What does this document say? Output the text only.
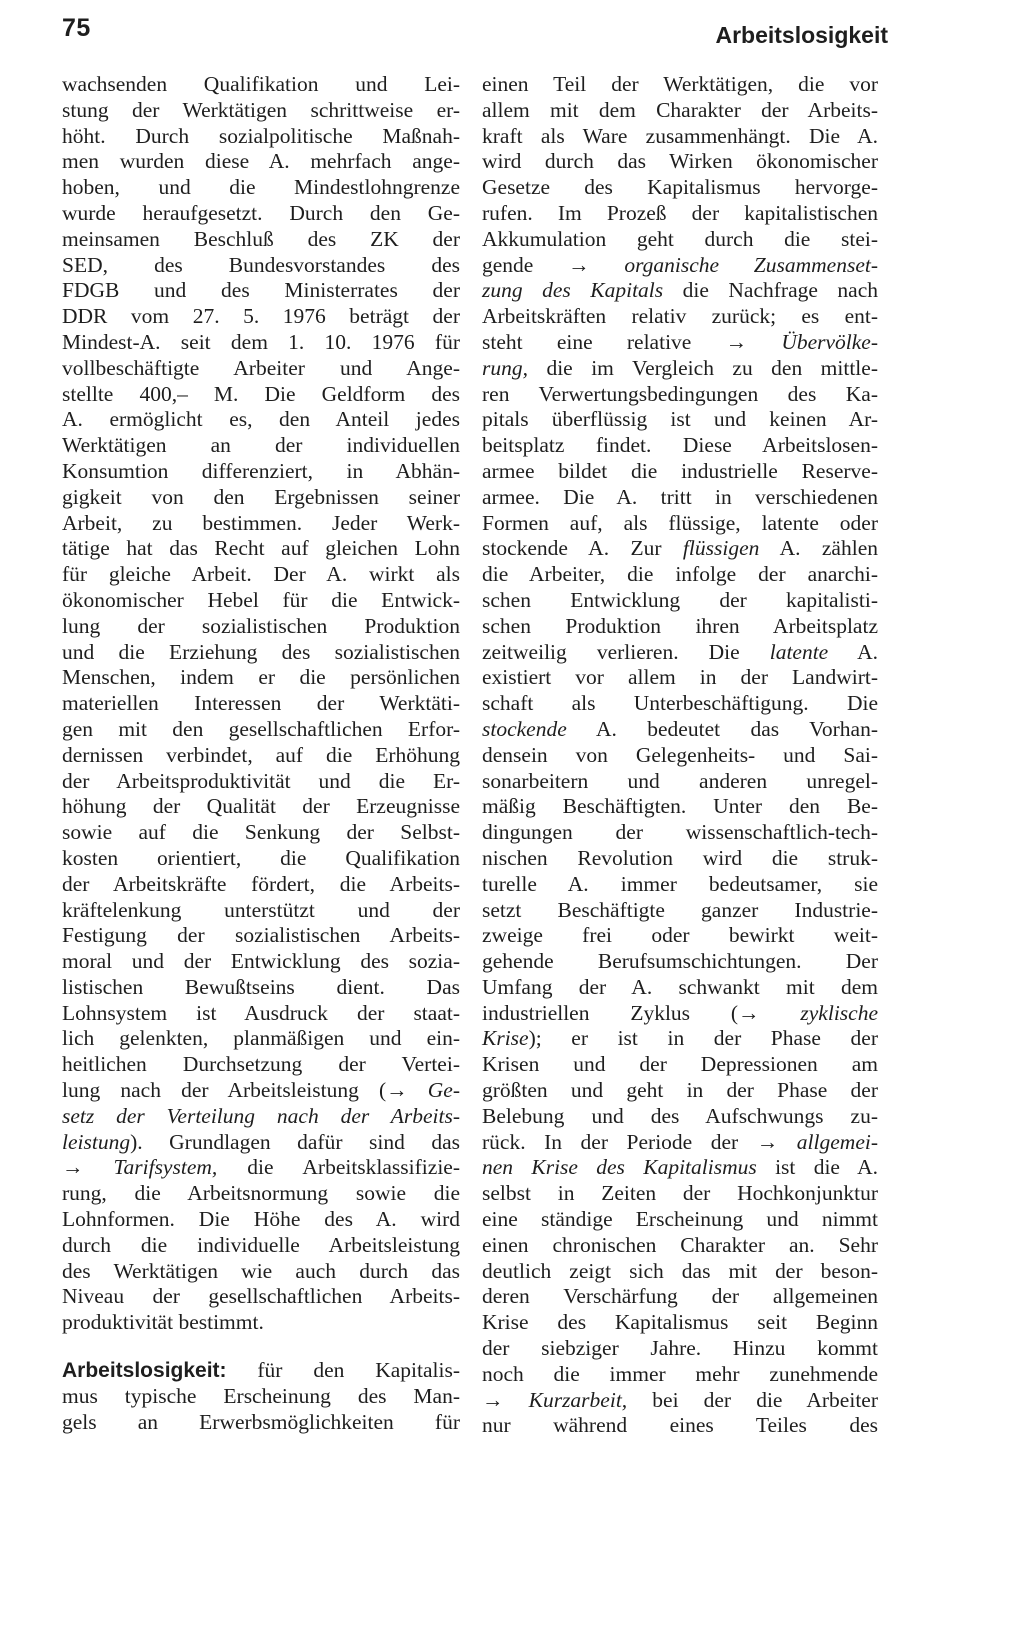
75	Arbeitslosigkeit
wachsenden Qualifikation und Lei-
stung der Werktätigen schrittweise er-
höht. Durch sozialpolitische Maßnah-
men wurden diese A. mehrfach ange-
hoben, und die Mindestlohngrenze
wurde heraufgesetzt. Durch den Ge-
meinsamen Beschluß des ZK der
SED, des Bundesvorstandes des
FDGB und des Ministerrates der
DDR vom 27. 5. 1976 beträgt der
Mindest-A. seit dem 1. 10. 1976 für
vollbeschäftigte Arbeiter und Ange-
stellte 400,– M. Die Geldform des
A. ermöglicht es, den Anteil jedes
Werktätigen an der individuellen
Konsumtion differenziert, in Abhän-
gigkeit von den Ergebnissen seiner
Arbeit, zu bestimmen. Jeder Werk-
tätige hat das Recht auf gleichen Lohn
für gleiche Arbeit. Der A. wirkt als
ökonomischer Hebel für die Entwick-
lung der sozialistischen Produktion
und die Erziehung des sozialistischen
Menschen, indem er die persönlichen
materiellen Interessen der Werktäti-
gen mit den gesellschaftlichen Erfor-
dernissen verbindet, auf die Erhöhung
der Arbeitsproduktivität und die Er-
höhung der Qualität der Erzeugnisse
sowie auf die Senkung der Selbst-
kosten orientiert, die Qualifikation
der Arbeitskräfte fördert, die Arbeits-
kräftelenkung unterstützt und der
Festigung der sozialistischen Arbeits-
moral und der Entwicklung des sozia-
listischen Bewußtseins dient. Das
Lohnsystem ist Ausdruck der staat-
lich gelenkten, planmäßigen und ein-
heitlichen Durchsetzung der Vertei-
lung nach der Arbeitsleistung (→ Ge-
setz der Verteilung nach der Arbeits-
leistung). Grundlagen dafür sind das
→ Tarifsystem, die Arbeitsklassifizie-
rung, die Arbeitsnormung sowie die
Lohnformen. Die Höhe des A. wird
durch die individuelle Arbeitsleistung
des Werktätigen wie auch durch das
Niveau der gesellschaftlichen Arbeits-
produktivität bestimmt.
Arbeitslosigkeit: für den Kapitalis-
mus typische Erscheinung des Man-
gels an Erwerbsmöglichkeiten für
einen Teil der Werktätigen, die vor
allem mit dem Charakter der Arbeits-
kraft als Ware zusammenhängt. Die A.
wird durch das Wirken ökonomischer
Gesetze des Kapitalismus hervorge-
rufen. Im Prozeß der kapitalistischen
Akkumulation geht durch die stei-
gende → organische Zusammenset-
zung des Kapitals die Nachfrage nach
Arbeitskräften relativ zurück; es ent-
steht eine relative → Übervölke-
rung, die im Vergleich zu den mittle-
ren Verwertungsbedingungen des Ka-
pitals überflüssig ist und keinen Ar-
beitsplatz findet. Diese Arbeitslosen-
armee bildet die industrielle Reserve-
armee. Die A. tritt in verschiedenen
Formen auf, als flüssige, latente oder
stockende A. Zur flüssigen A. zählen
die Arbeiter, die infolge der anarchi-
schen Entwicklung der kapitalisti-
schen Produktion ihren Arbeitsplatz
zeitweilig verlieren. Die latente A.
existiert vor allem in der Landwirt-
schaft als Unterbeschäftigung. Die
stockende A. bedeutet das Vorhan-
densein von Gelegenheits- und Sai-
sonarbeitern und anderen unregel-
mäßig Beschäftigten. Unter den Be-
dingungen der wissenschaftlich-tech-
nischen Revolution wird die struk-
turelle A. immer bedeutsamer, sie
setzt Beschäftigte ganzer Industrie-
zweige frei oder bewirkt weit-
gehende Berufsumschichtungen. Der
Umfang der A. schwankt mit dem
industriellen Zyklus (→ zyklische
Krise); er ist in der Phase der
Krisen und der Depressionen am
größten und geht in der Phase der
Belebung und des Aufschwungs zu-
rück. In der Periode der → allgemei-
nen Krise des Kapitalismus ist die A.
selbst in Zeiten der Hochkonjunktur
eine ständige Erscheinung und nimmt
einen chronischen Charakter an. Sehr
deutlich zeigt sich das mit der beson-
deren Verschärfung der allgemeinen
Krise des Kapitalismus seit Beginn
der siebziger Jahre. Hinzu kommt
noch die immer mehr zunehmende
→ Kurzarbeit, bei der die Arbeiter
nur während eines Teiles des
